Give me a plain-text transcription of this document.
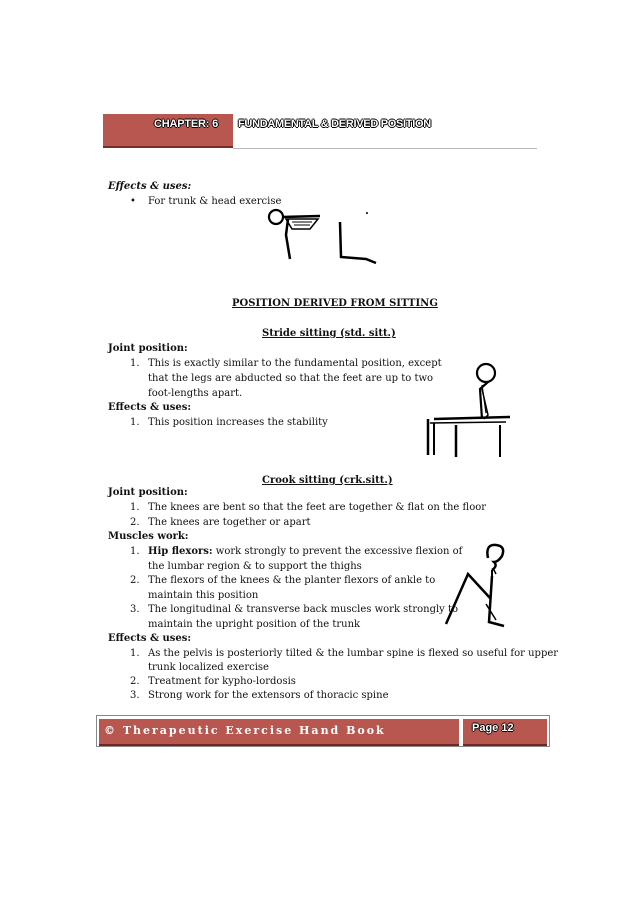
CHAPTER: 6 FUNDAMENTAL & DERIVED POSITION
Effects & uses:
• For trunk & head exercise
POSITION DERIVED FROM SITTING
Stride sitting (std. sitt.)
Joint position:
1. This is exactly similar to the fundamental position, except
that the legs are abducted so that the feet are up to two
foot-lengths apart.
Effects & uses:
1. This position increases the stability
Crook sitting (crk.sitt.)
Joint position:
1. The knees are bent so that the feet are together & flat on the floor
2. The knees are together or apart
Muscles work:
1. Hip flexors: work strongly to prevent the excessive flexion of
the lumbar region & to support the thighs
2. The flexors of the knees & the planter flexors of ankle to
maintain this position
3. The longitudinal & transverse back muscles work strongly to
maintain the upright position of the trunk
Effects & uses:
1. As the pelvis is posteriorly tilted & the lumbar spine is flexed so useful for upper
trunk localized exercise
2. Treatment for kypho-lordosis
3. Strong work for the extensors of thoracic spine
© Therapeutic Exercise Hand Book	Page 12
